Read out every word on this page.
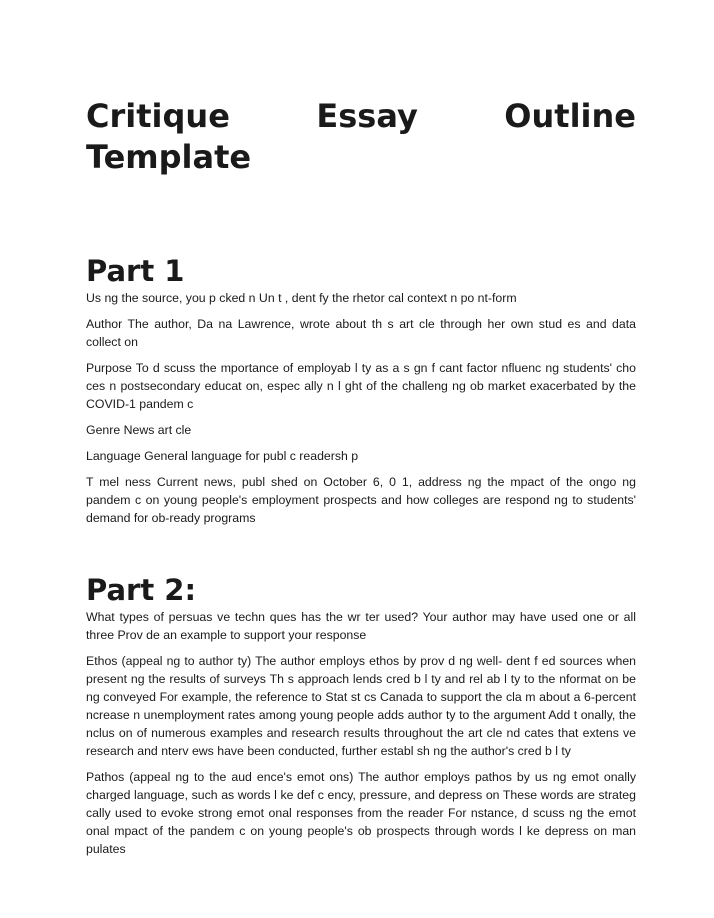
Critique Essay Outline Template
Part 1

Us ng the source, you p cked n Un t , dent fy the rhetor cal context n po nt-form

Author The author, Da na Lawrence, wrote about th s art cle through her own stud es and data collect on

Purpose To d scuss the mportance of employab l ty as a s gn f cant factor nfluenc ng students' cho ces n postsecondary educat on, espec ally n l ght of the challeng ng ob market exacerbated by the COVID-1 pandem c

Genre News art cle

Language General language for publ c readersh p

T mel ness Current news, publ shed on October 6, 0 1, address ng the mpact of the ongo ng pandem c on young people's employment prospects and how colleges are respond ng to students' demand for ob-ready programs

Part 2:

What types of persuas ve techn ques has the wr ter used? Your author may have used one or all three Prov de an example to support your response

Ethos (appeal ng to author ty) The author employs ethos by prov d ng well- dent f ed sources when present ng the results of surveys Th s approach lends cred b l ty and rel ab l ty to the nformat on be ng conveyed For example, the reference to Stat st cs Canada to support the cla m about a 6-percent ncrease n unemployment rates among young people adds author ty to the argument Add t onally, the nclus on of numerous examples and research results throughout the art cle nd cates that extens ve research and nterv ews have been conducted, further establ sh ng the author's cred b l ty

Pathos (appeal ng to the aud ence's emot ons) The author employs pathos by us ng emot onally charged language, such as words l ke def c ency, pressure, and depress on These words are strateg cally used to evoke strong emot onal responses from the reader For nstance, d scuss ng the emot onal mpact of the pandem c on young people's ob prospects through words l ke depress on man pulates
